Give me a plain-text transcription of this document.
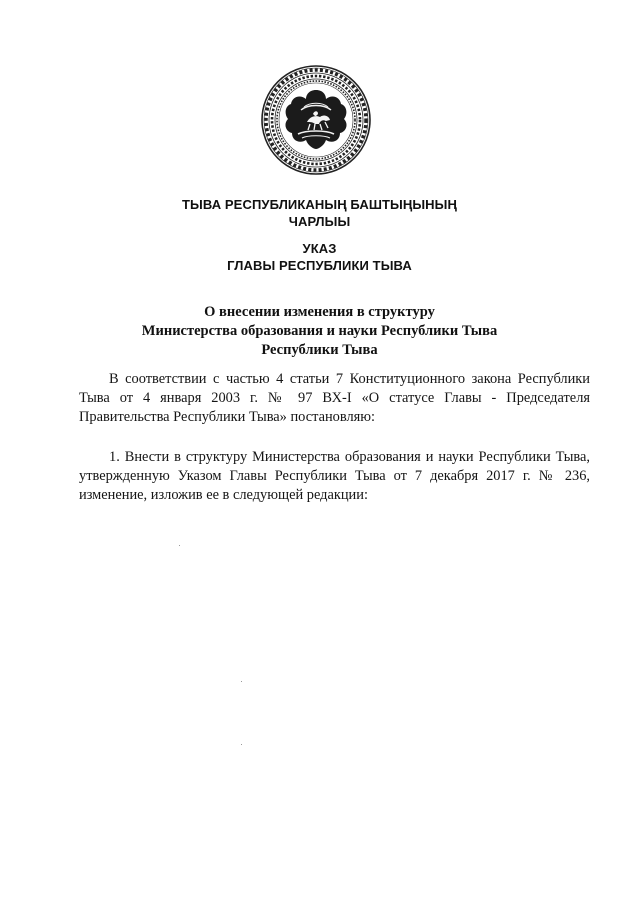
ТЫВА РЕСПУБЛИКАНЫҢ БАШТЫҢЫНЫҢ
ЧАРЛЫЫ
УКАЗ
ГЛАВЫ РЕСПУБЛИКИ ТЫВА
О внесении изменения в структуру
Министерства образования и науки Республики Тыва
Республики Тыва
В соответствии с частью 4 статьи 7 Конституционного закона Республики
Тыва от 4 января 2003 г. № 97 ВХ-I «О статусе Главы - Председателя
Правительства Республики Тыва» постановляю:
1. Внести в структуру Министерства образования и науки Республики Тыва,
утвержденную Указом Главы Республики Тыва от 7 декабря 2017 г. № 236,
изменение, изложив ее в следующей редакции:
